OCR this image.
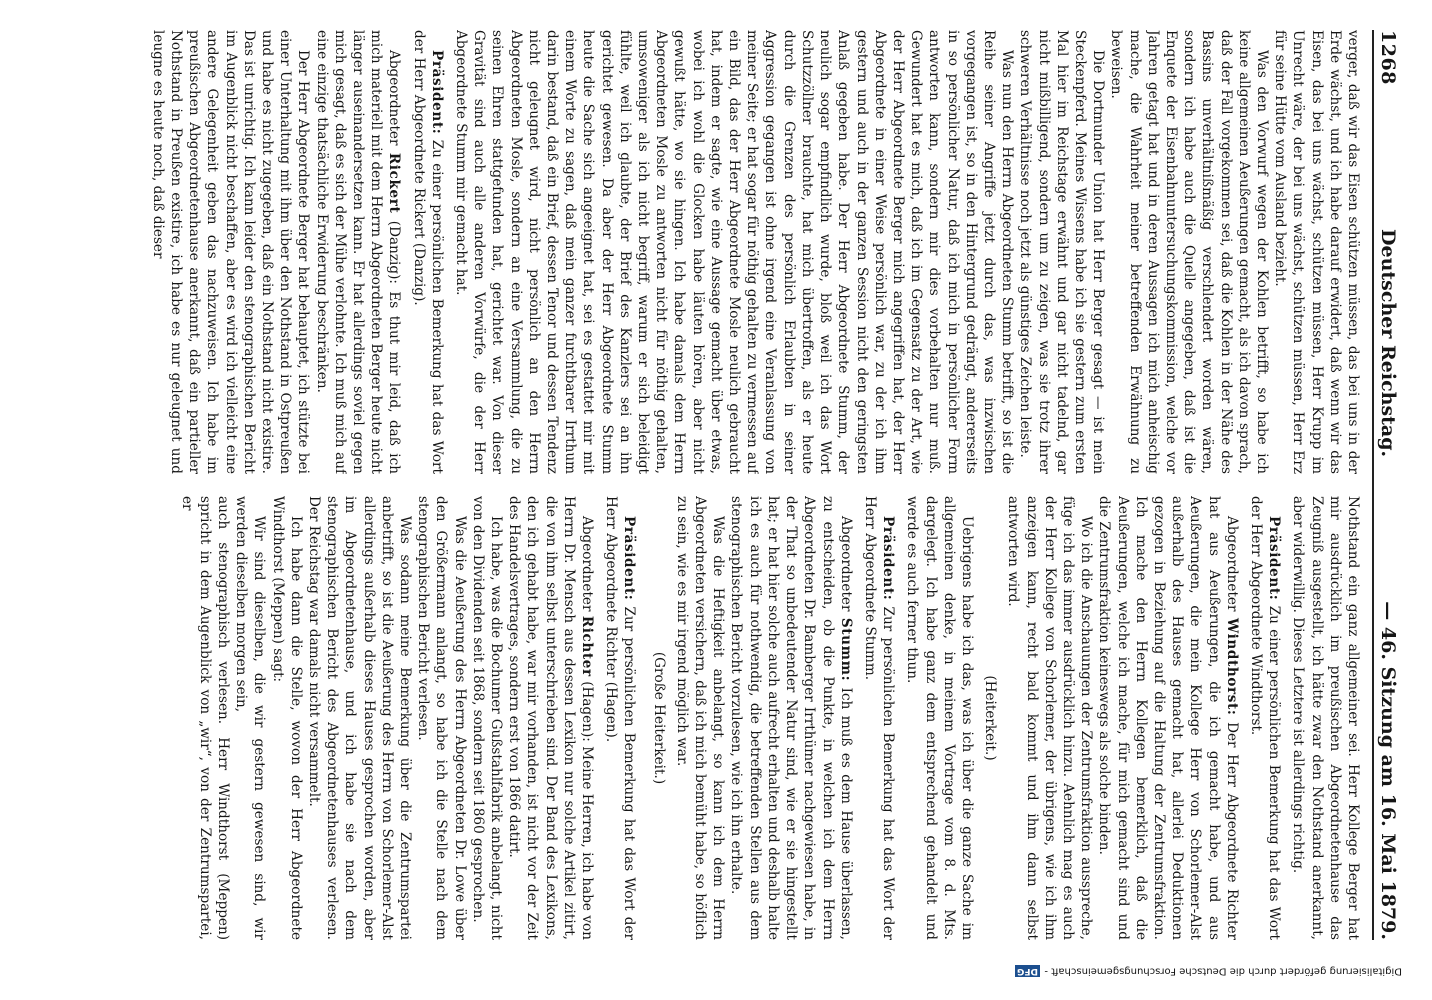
1268
Deutscher Reichstag.
— 46. Sitzung am 16. Mai 1879.

verger, daß wir das Eisen schützen müssen, das bei uns in der Erde wächst, und ich habe darauf erwidert, daß wenn wir das Eisen, das bei uns wächst, schützen müssen, Herr Krupp im Unrecht wäre, der bei uns wächst, schützen müssen, Herr Erz für seine Hütte vom Ausland bezieht.

Was den Vorwurf wegen der Kohlen betrifft, so habe ich keine allgemeinen Aeußerungen gemacht, als ich davon sprach, daß der Fall vorgekommen sei, daß die Kohlen in der Nähe des Bassins unverhältnißmäßig verschlendert worden wären, sondern ich habe auch die Quelle angegeben, daß ist die Enquete der Eisenbahnuntersuchungskommission, welche vor Jahren getagt hat und in deren Aussagen ich mich anheischig mache, die Wahrheit meiner betreffenden Erwähnung zu beweisen.

Die Dortmunder Union hat Herr Berger gesagt — ist mein Steckenpferd. Meines Wissens habe ich sie gestern zum ersten Mal hier im Reichstage erwähnt und gar nicht tadelnd, gar nicht mißbilligend, sondern um zu zeigen, was sie trotz ihrer schweren Verhältnisse noch jetzt als günstiges Zeichen leiste.

Was nun den Herrn Abgeordneten Stumm betrifft, so ist die Reihe seiner Angriffe jetzt durch das, was inzwischen vorgegangen ist, so in den Hintergrund gedrängt, andererseits in so persönlicher Natur, daß ich mich in persönlicher Form antworten kann, sondern mir dies vorbehalten nur muß. Gewundert hat es mich, daß ich im Gegensatz zu der Art, wie der Herr Abgeordnete Berger mich angegriffen hat, der Herr Abgeordnete in einer Weise persönlich war, zu der ich ihm gestern und auch in der ganzen Session nicht den geringsten Anlaß gegeben habe. Der Herr Abgeordnete Stumm, der neulich sogar empfindlich wurde, bloß weil ich das Wort Schutzzöllner brauchte, hat mich übertroffen, als er heute durch die Grenzen des persönlich Erlaubten in seiner Aggression gegangen ist ohne irgend eine Veranlassung von meiner Seite; er hat sogar für nöthig gehalten zu vermessen auf ein Bild, das der Herr Abgeordnete Mosle neulich gebraucht hat, indem er sagte, wie eine Aussage gemacht über etwas, wobei ich wohl die Glocken habe läuten hören, aber nicht gewußt hätte, wo sie hingen. Ich habe damals dem Herrn Abgeordneten Mosle zu antworten nicht für nöthig gehalten, umsoweniger als ich nicht begriff, warum er sich beleidigt fühlte, weil ich glaubte, der Brief des Kanzlers sei an ihn gerichtet gewesen. Da aber der Herr Abgeordnete Stumm heute die Sache sich angeeignet hat, sei es gestattet mir mit einem Worte zu sagen, daß mein ganzer furchtbarer Irrthum darin bestand, daß ein Brief, dessen Tenor und dessen Tendenz nicht geleugnet wird, nicht persönlich an den Herrn Abgeordneten Mosle, sondern an eine Versammlung, die zu seinen Ehren stattgefunden hat, gerichtet war. Von dieser Gravität sind auch alle anderen Vorwürfe, die der Herr Abgeordnete Stumm mir gemacht hat.

Präsident: Zu einer persönlichen Bemerkung hat das Wort der Herr Abgeordnete Rickert (Danzig).

Abgeordneter Rickert (Danzig): Es thut mir leid, daß ich mich materiell mit dem Herrn Abgeordneten Berger heute nicht länger auseinandersetzen kann. Er hat allerdings soviel gegen mich gesagt, daß es sich der Mühe verlohnte. Ich muß mich auf eine einzige thatsächliche Erwiderung beschränken.

Der Herr Abgeordnete Berger hat behauptet, ich stützte bei einer Unterhaltung mit ihm über den Nothstand in Ostpreußen und habe es nicht zugegeben, daß ein Nothstand nicht existire. Das ist unrichtig. Ich kann leider den stenographischen Bericht im Augenblick nicht beschaffen, aber es wird ich vielleicht eine andere Gelegenheit geben das nachzuweisen. Ich habe im preußischen Abgeordnetenhause anerkannt, daß ein partieller Nothstand in Preußen existire, ich habe es nur geleugnet und leugne es heute noch, daß dieser

Nothstand ein ganz allgemeiner sei. Herr Kollege Berger hat mir ausdrücklich im preußischen Abgeordnetenhause das Zeugniß ausgestellt, ich hätte zwar den Nothstand anerkannt, aber widerwillig. Dieses Letztere ist allerdings richtig.

Präsident: Zu einer persönlichen Bemerkung hat das Wort der Herr Abgeordnete Windthorst.

Abgeordneter Windthorst: Der Herr Abgeordnete Richter hat aus Aeußerungen, die ich gemacht habe, und aus Aeußerungen, die mein Kollege Herr von Schorlemer-Alst außerhalb des Hauses gemacht hat, allerlei Deduktionen gezogen in Beziehung auf die Haltung der Zentrumsfraktion. Ich mache den Herrn Kollegen bemerklich, daß die Aeußerungen, welche ich mache, für mich gemacht sind und die Zentrumsfraktion keineswegs als solche binden.

Wo ich die Anschauungen der Zentrumsfraktion ausspreche, füge ich das immer ausdrücklich hinzu. Aehnlich mag es auch der Herr Kollege von Schorlemer, der übrigens, wie ich ihm anzeigen kann, recht bald kommt und ihm dann selbst antworten wird.

(Heiterkeit.)

Uebrigens habe ich das, was ich über die ganze Sache im allgemeinen denke, in meinem Vortrage vom 8. d. Mts. dargelegt. Ich habe ganz dem entsprechend gehandelt und werde es auch ferner thun.

Präsident: Zur persönlichen Bemerkung hat das Wort der Herr Abgeordnete Stumm.

Abgeordneter Stumm: Ich muß es dem Hause überlassen, zu entscheiden, ob die Punkte, in welchen ich dem Herrn Abgeordneten Dr. Bamberger Irrthümer nachgewiesen habe, in der That so unbedeutender Natur sind, wie er sie hingestellt hat; er hat hier solche auch aufrecht erhalten und deshalb halte ich es auch für nothwendig, die betreffenden Stellen aus dem stenographischen Bericht vorzulesen, wie ich ihn erhalte.

Was die Heftigkeit anbelangt, so kann ich dem Herrn Abgeordneten versichern, daß ich mich bemüht habe, so höflich zu sein, wie es mir irgend möglich war.

(Große Heiterkeit.)

Präsident: Zur persönlichen Bemerkung hat das Wort der Herr Abgeordnete Richter (Hagen).

Abgeordneter Richter (Hagen): Meine Herren, ich habe von Herrn Dr. Mensch aus dessen Lexikon nur solche Artikel zitirt, die von ihm selbst unterschrieben sind. Der Band des Lexikons, den ich gehabt habe, war mir vorhanden, ist nicht vor der Zeit des Handelsvertrages, sondern erst von 1866 datirt.

Ich habe, was die Bochumer Gußstahlfabrik anbelangt, nicht von den Dividenden seit 1868, sondern seit 1860 gesprochen.

Was die Aeußerung des Herrn Abgeordneten Dr. Lowe über den Größermann anlangt, so habe ich die Stelle nach dem stenographischen Bericht verlesen.

Was sodann meine Bemerkung über die Zentrumspartei anbetrifft, so ist die Aeußerung des Herrn von Schorlemer-Alst allerdings außerhalb dieses Hauses gesprochen worden, aber im Abgeordnetenhause, und ich habe sie nach dem stenographischen Bericht des Abgeordnetenhauses verlesen. Der Reichstag war damals nicht versammelt.

Ich habe dann die Stelle, wovon der Herr Abgeordnete Windthorst (Meppen) sagt:

Wir sind dieselben, die wir gestern gewesen sind, wir werden dieselben morgen sein,

auch stenographisch verlesen. Herr Windthorst (Meppen) spricht in dem Augenblick von „wir“, von der Zentrumspartei, er

Digitalisierung gefördert durch die Deutsche Forschungsgemeinschaft -
DFG
